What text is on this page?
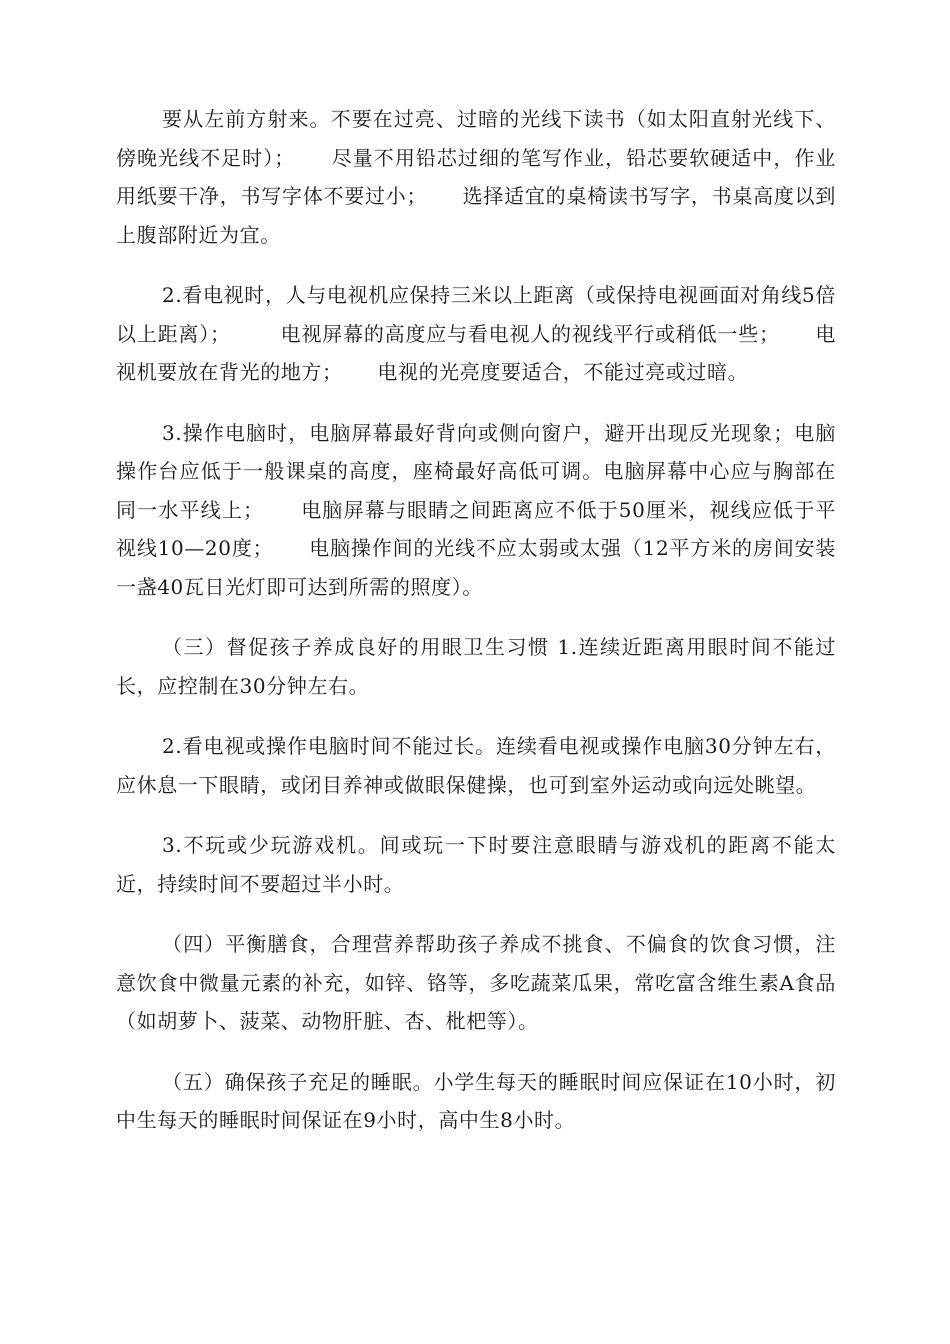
要从左前方射来。不要在过亮、过暗的光线下读书（如太阳直射光线下、傍晚光线不足时）；     尽量不用铅芯过细的笔写作业，铅芯要软硬适中，作业用纸要干净，书写字体不要过小；     选择适宜的桌椅读书写字，书桌高度以到上腹部附近为宜。

2.看电视时，人与电视机应保持三米以上距离（或保持电视画面对角线5倍以上距离）；       电视屏幕的高度应与看电视人的视线平行或稍低一些；     电视机要放在背光的地方；     电视的光亮度要适合，不能过亮或过暗。

3.操作电脑时，电脑屏幕最好背向或侧向窗户，避开出现反光现象；电脑操作台应低于一般课桌的高度，座椅最好高低可调。电脑屏幕中心应与胸部在同一水平线上；     电脑屏幕与眼睛之间距离应不低于50厘米，视线应低于平视线10—20度；     电脑操作间的光线不应太弱或太强（12平方米的房间安装一盏40瓦日光灯即可达到所需的照度）。

（三）督促孩子养成良好的用眼卫生习惯 1.连续近距离用眼时间不能过长，应控制在30分钟左右。

2.看电视或操作电脑时间不能过长。连续看电视或操作电脑30分钟左右，应休息一下眼睛，或闭目养神或做眼保健操，也可到室外运动或向远处眺望。

3.不玩或少玩游戏机。间或玩一下时要注意眼睛与游戏机的距离不能太近，持续时间不要超过半小时。

（四）平衡膳食，合理营养帮助孩子养成不挑食、不偏食的饮食习惯，注意饮食中微量元素的补充，如锌、铬等，多吃蔬菜瓜果，常吃富含维生素A食品（如胡萝卜、菠菜、动物肝脏、杏、枇杷等）。

（五）确保孩子充足的睡眠。小学生每天的睡眠时间应保证在10小时，初中生每天的睡眠时间保证在9小时，高中生8小时。
